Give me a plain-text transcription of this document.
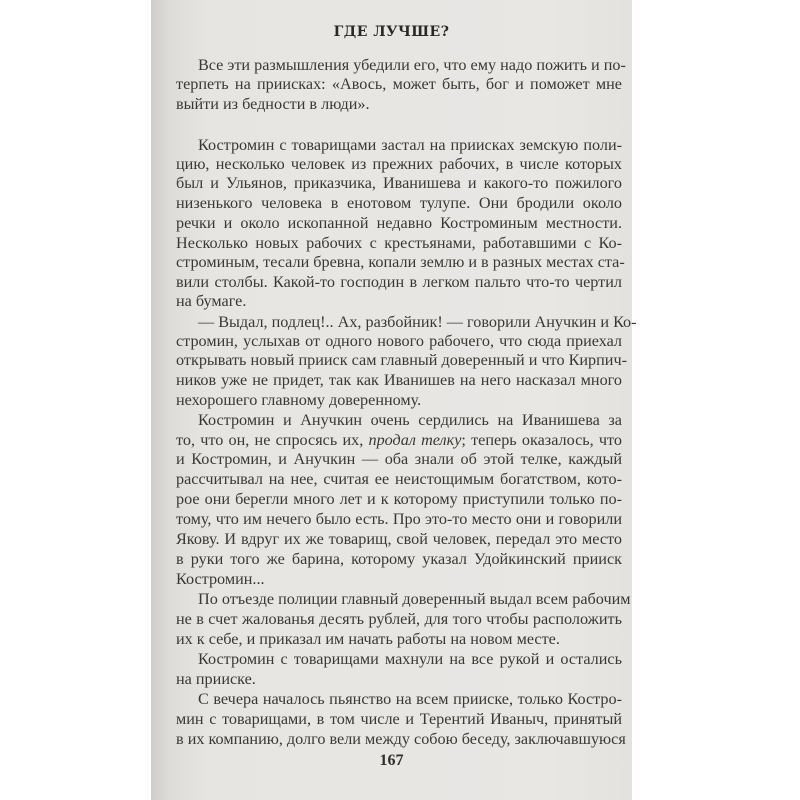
ГДЕ ЛУЧШЕ?
Все эти размышления убедили его, что ему надо пожить и по-
терпеть на приисках: «Авось, может быть, бог и поможет мне
выйти из бедности в люди».
Костромин с товарищами застал на приисках земскую поли-
цию, несколько человек из прежних рабочих, в числе которых
был и Ульянов, приказчика, Иванишева и какого-то пожилого
низенького человека в енотовом тулупе. Они бродили около
речки и около ископанной недавно Костроминым местности.
Несколько новых рабочих с крестьянами, работавшими с Ко-
строминым, тесали бревна, копали землю и в разных местах ста-
вили столбы. Какой-то господин в легком пальто что-то чертил
на бумаге.
— Выдал, подлец!.. Ах, разбойник! — говорили Анучкин и Ко-
стромин, услыхав от одного нового рабочего, что сюда приехал
открывать новый прииск сам главный доверенный и что Кирпич-
ников уже не придет, так как Иванишев на него насказал много
нехорошего главному доверенному.
Костромин и Анучкин очень сердились на Иванишева за
то, что он, не спросясь их, продал телку; теперь оказалось, что
и Костромин, и Анучкин — оба знали об этой телке, каждый
рассчитывал на нее, считая ее неистощимым богатством, кото-
рое они берегли много лет и к которому приступили только по-
тому, что им нечего было есть. Про это-то место они и говорили
Якову. И вдруг их же товарищ, свой человек, передал это место
в руки того же барина, которому указал Удойкинский прииск
Костромин...
По отъезде полиции главный доверенный выдал всем рабочим
не в счет жалованья десять рублей, для того чтобы расположить
их к себе, и приказал им начать работы на новом месте.
Костромин с товарищами махнули на все рукой и остались
на прииске.
С вечера началось пьянство на всем прииске, только Костро-
мин с товарищами, в том числе и Терентий Иваныч, принятый
в их компанию, долго вели между собою беседу, заключавшуюся
167
